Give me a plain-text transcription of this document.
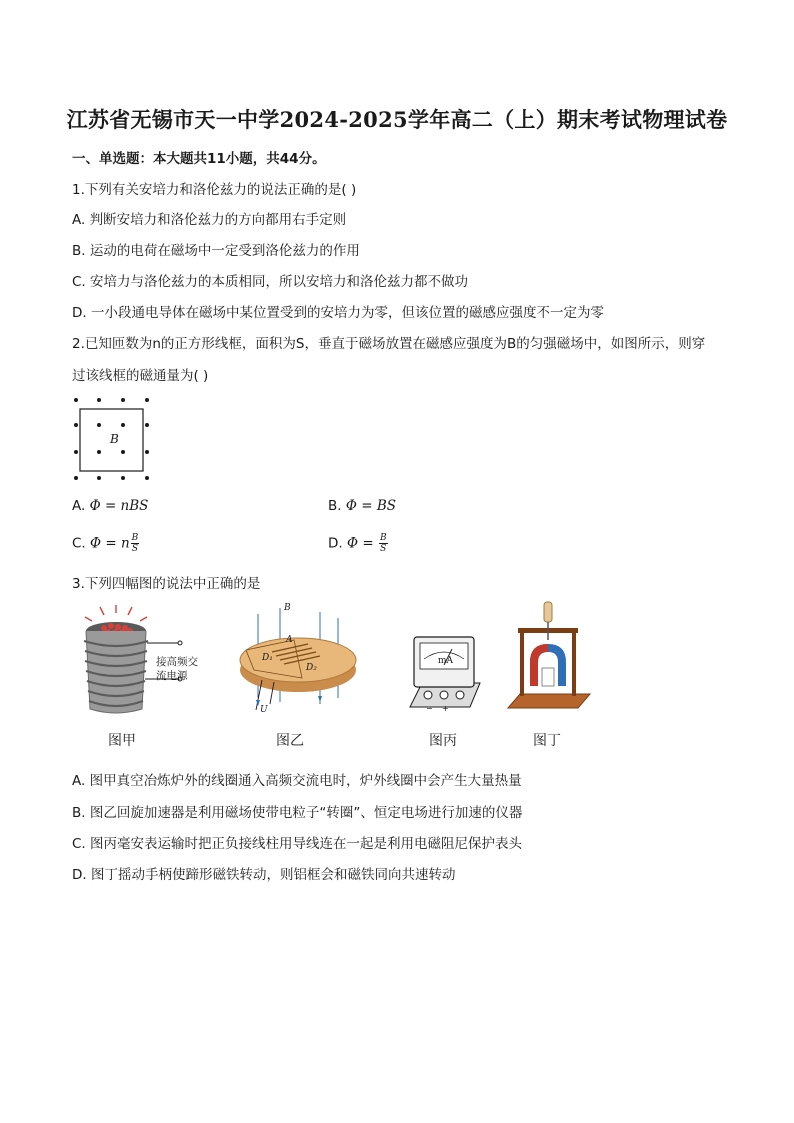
江苏省无锡市天一中学2024-2025学年高二（上）期末考试物理试卷
一、单选题：本大题共11小题，共44分。
1.下列有关安培力和洛伦兹力的说法正确的是( )
A. 判断安培力和洛伦兹力的方向都用右手定则
B. 运动的电荷在磁场中一定受到洛伦兹力的作用
C. 安培力与洛伦兹力的本质相同，所以安培力和洛伦兹力都不做功
D. 一小段通电导体在磁场中某位置受到的安培力为零，但该位置的磁感应强度不一定为零
2.已知匝数为n的正方形线框，面积为S，垂直于磁场放置在磁感应强度为B的匀强磁场中，如图所示，则穿
过该线框的磁通量为( )
B
A. Φ = nBS	B. Φ = BS
C. Φ = n $\frac{B}{S}$	D. $\Phi = \frac{B}{S}$
3.下列四幅图的说法中正确的是
接高频交
流电源
B
A
D₁
D₂
U
mA
− +
图甲	图乙	图丙	图丁
A. 图甲真空冶炼炉外的线圈通入高频交流电时，炉外线圈中会产生大量热量
B. 图乙回旋加速器是利用磁场使带电粒子“转圈”、恒定电场进行加速的仪器
C. 图丙毫安表运输时把正负接线柱用导线连在一起是利用电磁阻尼保护表头
D. 图丁摇动手柄使蹄形磁铁转动，则铝框会和磁铁同向共速转动
